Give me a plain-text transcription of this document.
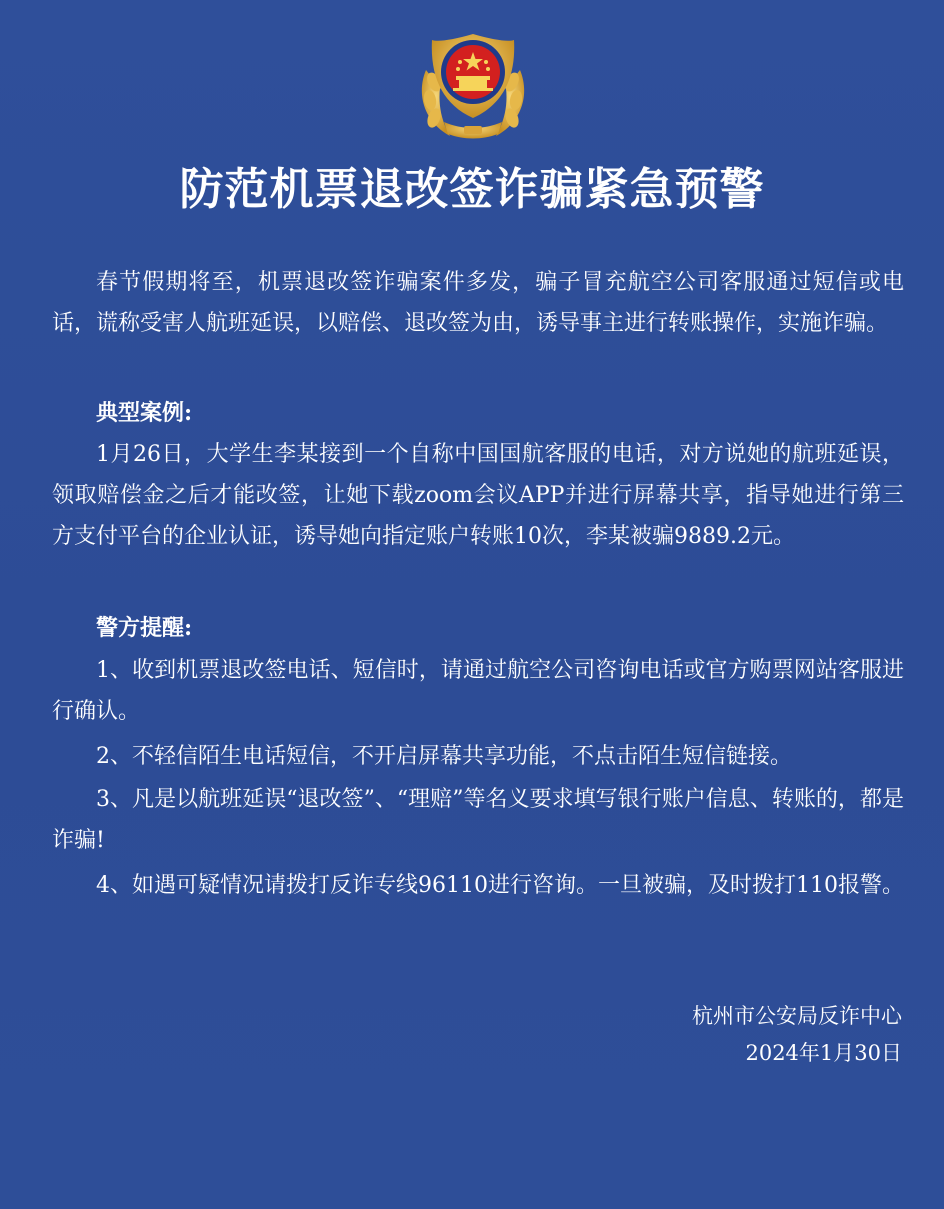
防范机票退改签诈骗紧急预警
春节假期将至，机票退改签诈骗案件多发，骗子冒充航空公司客服通过短信或电话，谎称受害人航班延误，以赔偿、退改签为由，诱导事主进行转账操作，实施诈骗。
典型案例:
1月26日，大学生李某接到一个自称中国国航客服的电话，对方说她的航班延误，领取赔偿金之后才能改签，让她下载zoom会议APP并进行屏幕共享，指导她进行第三方支付平台的企业认证，诱导她向指定账户转账10次，李某被骗9889.2元。
警方提醒:
1、收到机票退改签电话、短信时，请通过航空公司咨询电话或官方购票网站客服进行确认。
2、不轻信陌生电话短信，不开启屏幕共享功能，不点击陌生短信链接。
3、凡是以航班延误“退改签”、“理赔”等名义要求填写银行账户信息、转账的，都是诈骗!
4、如遇可疑情况请拨打反诈专线96110进行咨询。一旦被骗，及时拨打110报警。
杭州市公安局反诈中心
2024年1月30日
